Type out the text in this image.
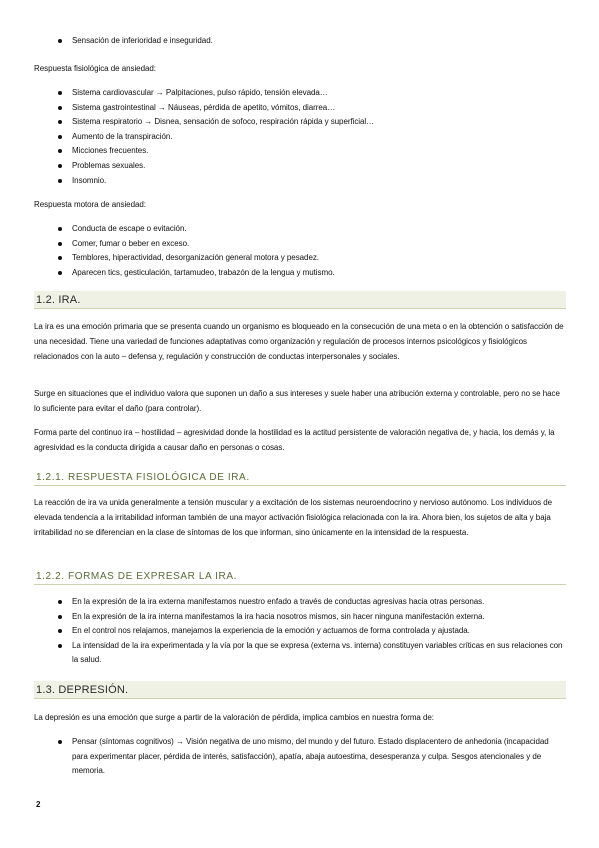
Sensación de inferioridad e inseguridad.

Respuesta fisiológica de ansiedad:

Sistema cardiovascular → Palpitaciones, pulso rápido, tensión elevada…
Sistema gastrointestinal → Náuseas, pérdida de apetito, vómitos, diarrea…
Sistema respiratorio → Disnea, sensación de sofoco, respiración rápida y superficial…
Aumento de la transpiración.
Micciones frecuentes.
Problemas sexuales.
Insomnio.

Respuesta motora de ansiedad:

Conducta de escape o evitación.
Comer, fumar o beber en exceso.
Temblores, hiperactividad, desorganización general motora y pesadez.
Aparecen tics, gesticulación, tartamudeo, trabazón de la lengua y mutismo.
1.2. IRA.

La ira es una emoción primaria que se presenta cuando un organismo es bloqueado en la consecución de una meta o en la obtención o satisfacción de una necesidad. Tiene una variedad de funciones adaptativas como organización y regulación de procesos internos psicológicos y fisiológicos relacionados con la auto – defensa y, regulación y construcción de conductas interpersonales y sociales.

Surge en situaciones que el individuo valora que suponen un daño a sus intereses y suele haber una atribución externa y controlable, pero no se hace lo suficiente para evitar el daño (para controlar).

Forma parte del continuo ira – hostilidad – agresividad donde la hostilidad es la actitud persistente de valoración negativa de, y hacia, los demás y, la agresividad es la conducta dirigida a causar daño en personas o cosas.

1.2.1. RESPUESTA FISIOLÓGICA DE IRA.

La reacción de ira va unida generalmente a tensión muscular y a excitación de los sistemas neuroendocrino y nervioso autónomo. Los individuos de elevada tendencia a la irritabilidad informan también de una mayor activación fisiológica relacionada con la ira. Ahora bien, los sujetos de alta y baja irritabilidad no se diferencian en la clase de síntomas de los que informan, sino únicamente en la intensidad de la respuesta.

1.2.2. FORMAS DE EXPRESAR LA IRA.
En la expresión de la ira externa manifestamos nuestro enfado a través de conductas agresivas hacia otras personas.
En la expresión de la ira interna manifestamos la ira hacia nosotros mismos, sin hacer ninguna manifestación externa.
En el control nos relajamos, manejamos la experiencia de la emoción y actuamos de forma controlada y ajustada.
La intensidad de la ira experimentada y la vía por la que se expresa (externa vs. interna) constituyen variables críticas en sus relaciones con la salud.
1.3. DEPRESIÓN.

La depresión es una emoción que surge a partir de la valoración de pérdida, implica cambios en nuestra forma de:

Pensar (síntomas cognitivos) → Visión negativa de uno mismo, del mundo y del futuro. Estado displacentero de anhedonia (incapacidad para experimentar placer, pérdida de interés, satisfacción), apatía, abaja autoestima, desesperanza y culpa. Sesgos atencionales y de memoria.
2
